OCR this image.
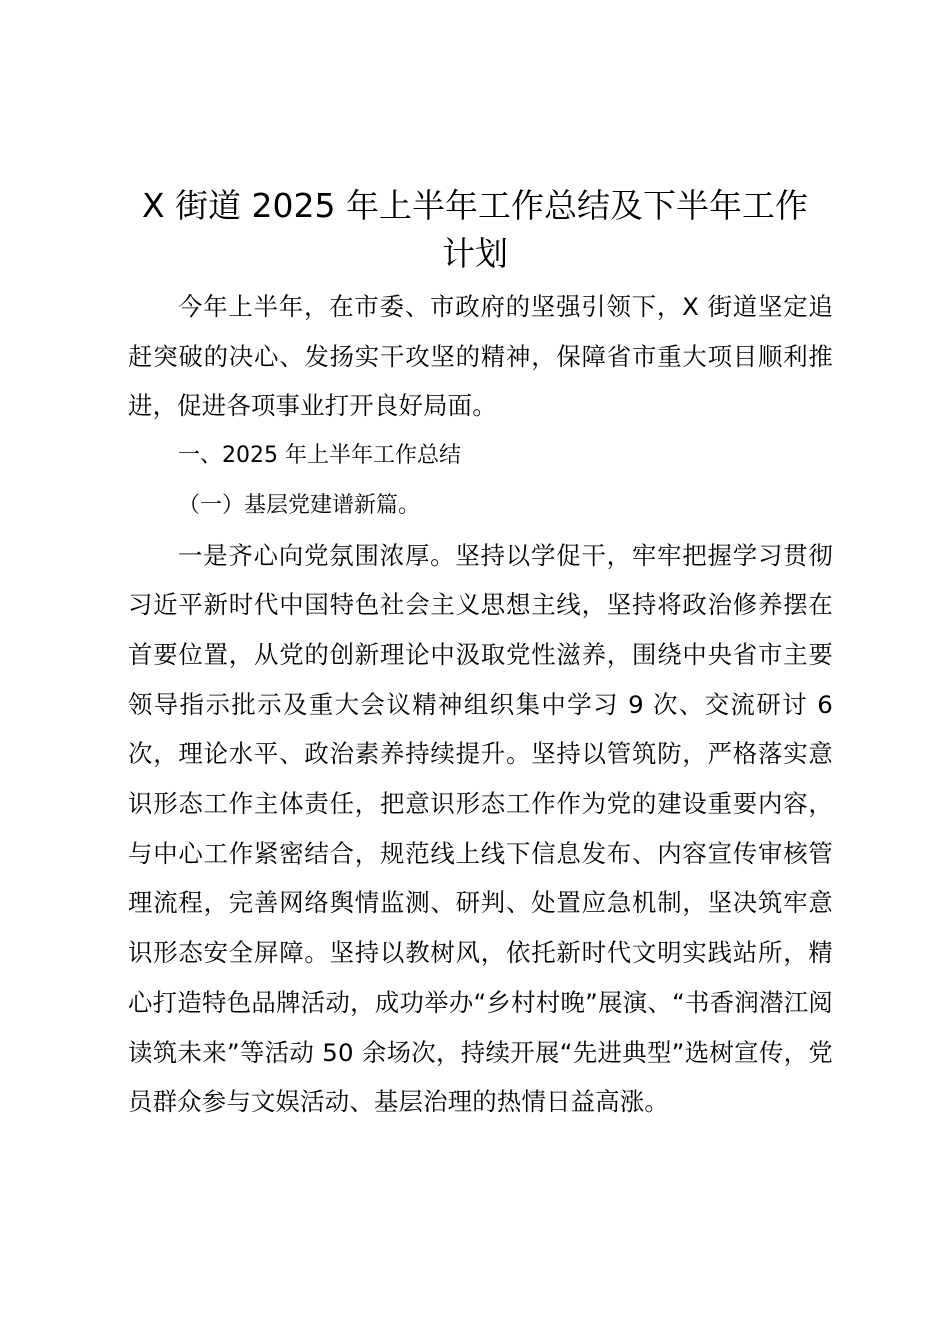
X 街道 2025 年上半年工作总结及下半年工作
计划

今年上半年，在市委、市政府的坚强引领下，X 街道坚定追赶突破的决心、发扬实干攻坚的精神，保障省市重大项目顺利推进，促进各项事业打开良好局面。

一、2025 年上半年工作总结

（一）基层党建谱新篇。

一是齐心向党氛围浓厚。坚持以学促干，牢牢把握学习贯彻习近平新时代中国特色社会主义思想主线，坚持将政治修养摆在首要位置，从党的创新理论中汲取党性滋养，围绕中央省市主要领导指示批示及重大会议精神组织集中学习 9 次、交流研讨 6 次，理论水平、政治素养持续提升。坚持以管筑防，严格落实意识形态工作主体责任，把意识形态工作作为党的建设重要内容，与中心工作紧密结合，规范线上线下信息发布、内容宣传审核管理流程，完善网络舆情监测、研判、处置应急机制，坚决筑牢意识形态安全屏障。坚持以教树风，依托新时代文明实践站所，精心打造特色品牌活动，成功举办“乡村村晚”展演、“书香润潜江阅读筑未来”等活动 50 余场次，持续开展“先进典型”选树宣传，党员群众参与文娱活动、基层治理的热情日益高涨。
